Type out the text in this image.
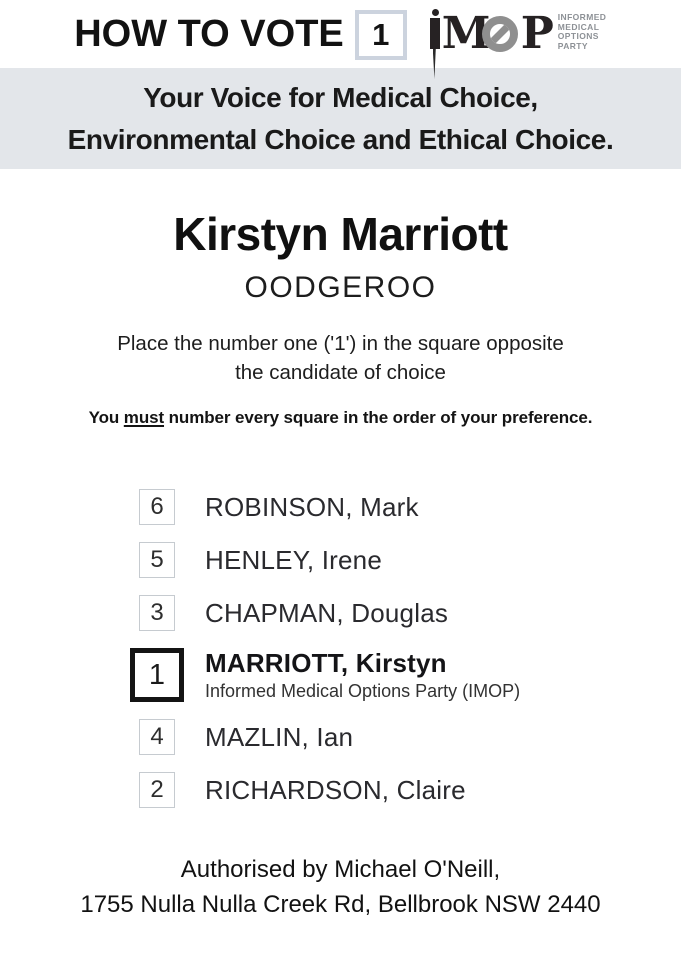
HOW TO VOTE 1 M P INFORMED
MEDICAL
OPTIONS
PARTY
Your Voice for Medical Choice,
Environmental Choice and Ethical Choice.
Kirstyn Marriott
OODGEROO
Place the number one ('1') in the square opposite
the candidate of choice
You must number every square in the order of your preference.
6 ROBINSON, Mark
5 HENLEY, Irene
3 CHAPMAN, Douglas
1 MARRIOTT, Kirstyn
Informed Medical Options Party (IMOP)
4 MAZLIN, Ian
2 RICHARDSON, Claire
Authorised by Michael O'Neill,
1755 Nulla Nulla Creek Rd, Bellbrook NSW 2440
